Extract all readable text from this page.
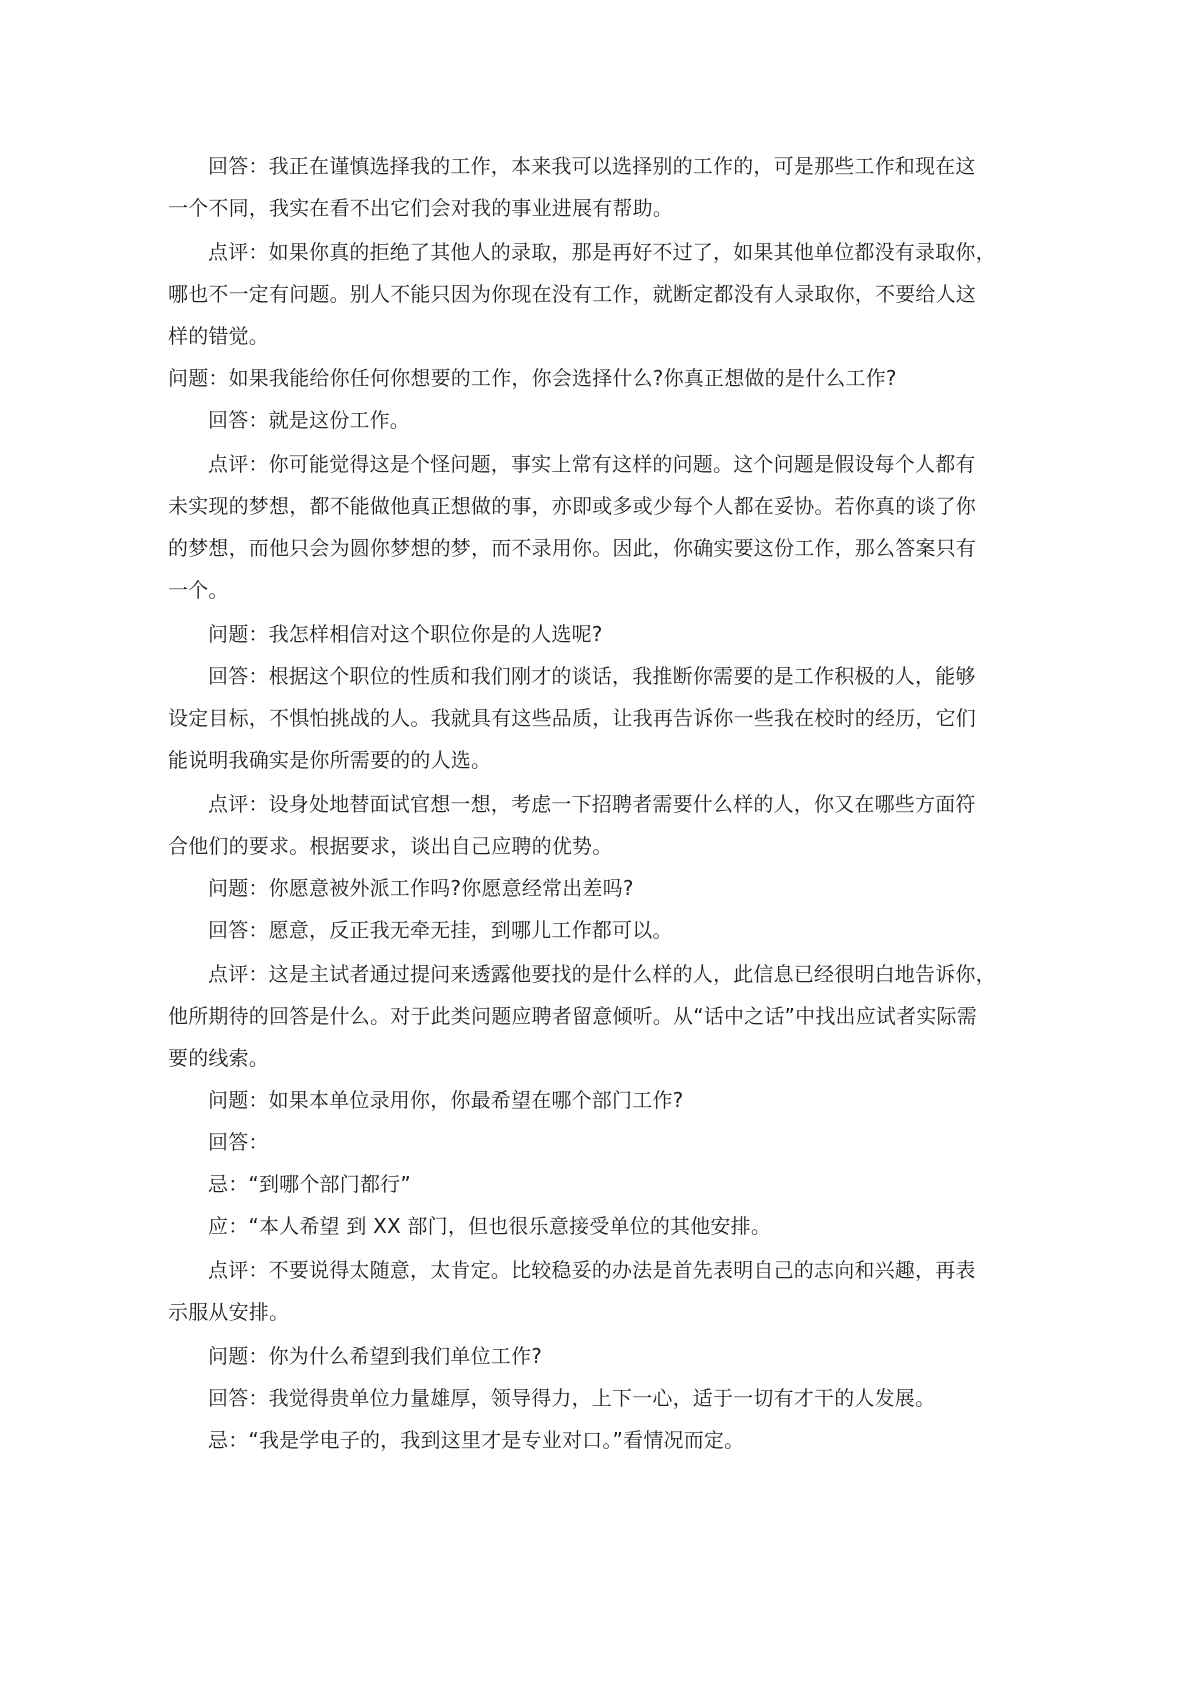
回答：我正在谨慎选择我的工作，本来我可以选择别的工作的，可是那些工作和现在这
一个不同，我实在看不出它们会对我的事业进展有帮助。
点评：如果你真的拒绝了其他人的录取，那是再好不过了，如果其他单位都没有录取你，
哪也不一定有问题。别人不能只因为你现在没有工作，就断定都没有人录取你，不要给人这
样的错觉。
问题：如果我能给你任何你想要的工作，你会选择什么?你真正想做的是什么工作?
回答：就是这份工作。
点评：你可能觉得这是个怪问题，事实上常有这样的问题。这个问题是假设每个人都有
未实现的梦想，都不能做他真正想做的事，亦即或多或少每个人都在妥协。若你真的谈了你
的梦想，而他只会为圆你梦想的梦，而不录用你。因此，你确实要这份工作，那么答案只有
一个。
问题：我怎样相信对这个职位你是的人选呢?
回答：根据这个职位的性质和我们刚才的谈话，我推断你需要的是工作积极的人，能够
设定目标，不惧怕挑战的人。我就具有这些品质，让我再告诉你一些我在校时的经历，它们
能说明我确实是你所需要的的人选。
点评：设身处地替面试官想一想，考虑一下招聘者需要什么样的人，你又在哪些方面符
合他们的要求。根据要求，谈出自己应聘的优势。
问题：你愿意被外派工作吗?你愿意经常出差吗?
回答：愿意，反正我无牵无挂，到哪儿工作都可以。
点评：这是主试者通过提问来透露他要找的是什么样的人，此信息已经很明白地告诉你，
他所期待的回答是什么。对于此类问题应聘者留意倾听。从“话中之话”中找出应试者实际需
要的线索。
问题：如果本单位录用你，你最希望在哪个部门工作?
回答：
忌：“到哪个部门都行”
应：“本人希望 到 XX 部门，但也很乐意接受单位的其他安排。
点评：不要说得太随意，太肯定。比较稳妥的办法是首先表明自己的志向和兴趣，再表
示服从安排。
问题：你为什么希望到我们单位工作?
回答：我觉得贵单位力量雄厚，领导得力，上下一心，适于一切有才干的人发展。
忌：“我是学电子的，我到这里才是专业对口。”看情况而定。
